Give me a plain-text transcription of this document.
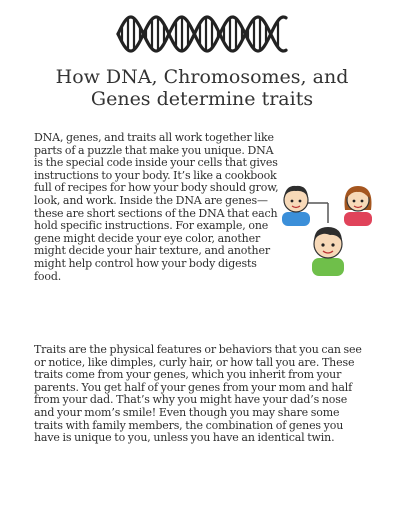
How DNA, Chromosomes, and
Genes determine traits

DNA, genes, and traits all work together like parts of a puzzle that make you unique. DNA is the special code inside your cells that gives instructions to your body. It’s like a cookbook full of recipes for how your body should grow, look, and work. Inside the DNA are genes—these are short sections of the DNA that each hold specific instructions. For example, one gene might decide your eye color, another might decide your hair texture, and another might help control how your body digests food.

Traits are the physical features or behaviors that you can see or notice, like dimples, curly hair, or how tall you are. These traits come from your genes, which you inherit from your parents. You get half of your genes from your mom and half from your dad. That’s why you might have your dad’s nose and your mom’s smile! Even though you may share some traits with family members, the combination of genes you have is unique to you, unless you have an identical twin.
